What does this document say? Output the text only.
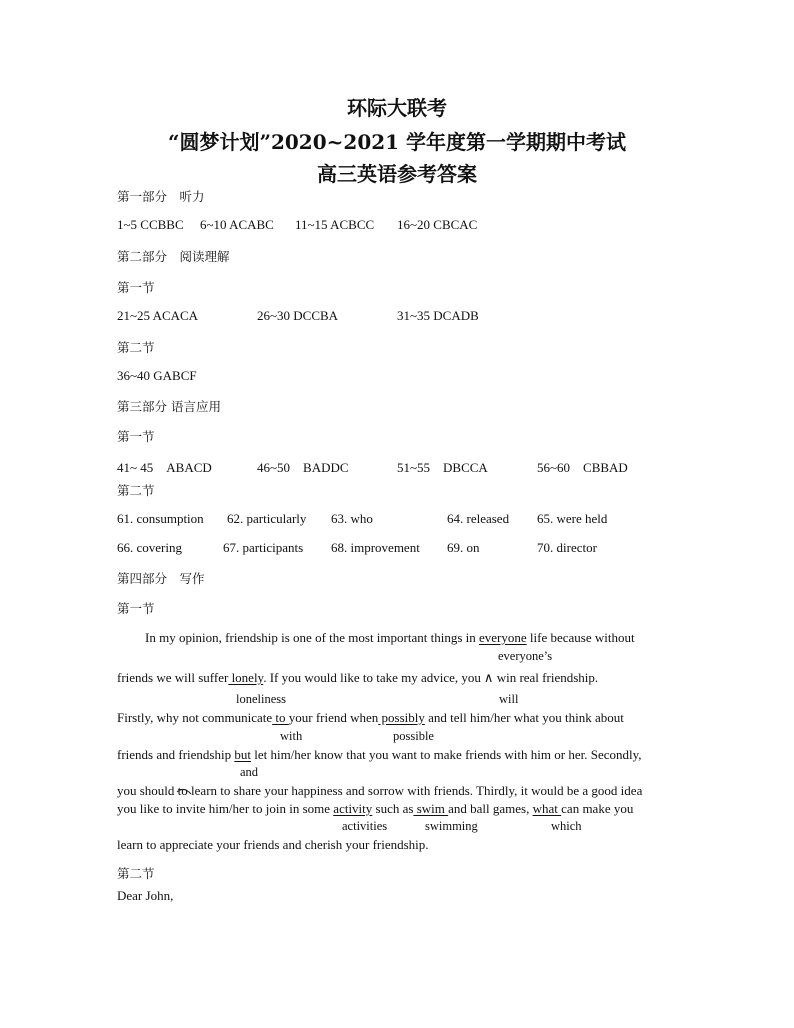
环际大联考
“圆梦计划”2020~2021 学年度第一学期期中考试
高三英语参考答案
第一部分　听力
1~5 CCBBC 6~10 ACABC 11~15 ACBCC 16~20 CBCAC
第二部分　阅读理解
第一节
21~25 ACACA	26~30 DCCBA	31~35 DCADB
第二节
36~40 GABCF
第三部分 语言应用
第一节
41~ 45　ABACD	46~50　BADDC	51~55　DBCCA	56~60　CBBAD
第二节
61. consumption 62. particularly 63. who	64. released 65. were held
66. covering	67. participants 68. improvement 69. on	70. director
第四部分　写作
第一节
In my opinion, friendship is one of the most important things in everyone life because without
everyone’s
friends we will suffer lonely. If you would like to take my advice, you ∧ win real friendship.
loneliness	will
Firstly, why not communicate to your friend when possibly and tell him/her what you think about
with	possible
friends and friendship but let him/her know that you want to make friends with him or her. Secondly,
and
you should to
learn to share your happiness and sorrow with friends. Thirdly, it would be a good idea
you like to invite him/her to join in some activity such as swim and ball games, what can make you
activities	swimming	which
learn to appreciate your friends and cherish your friendship.
第二节
Dear John,
